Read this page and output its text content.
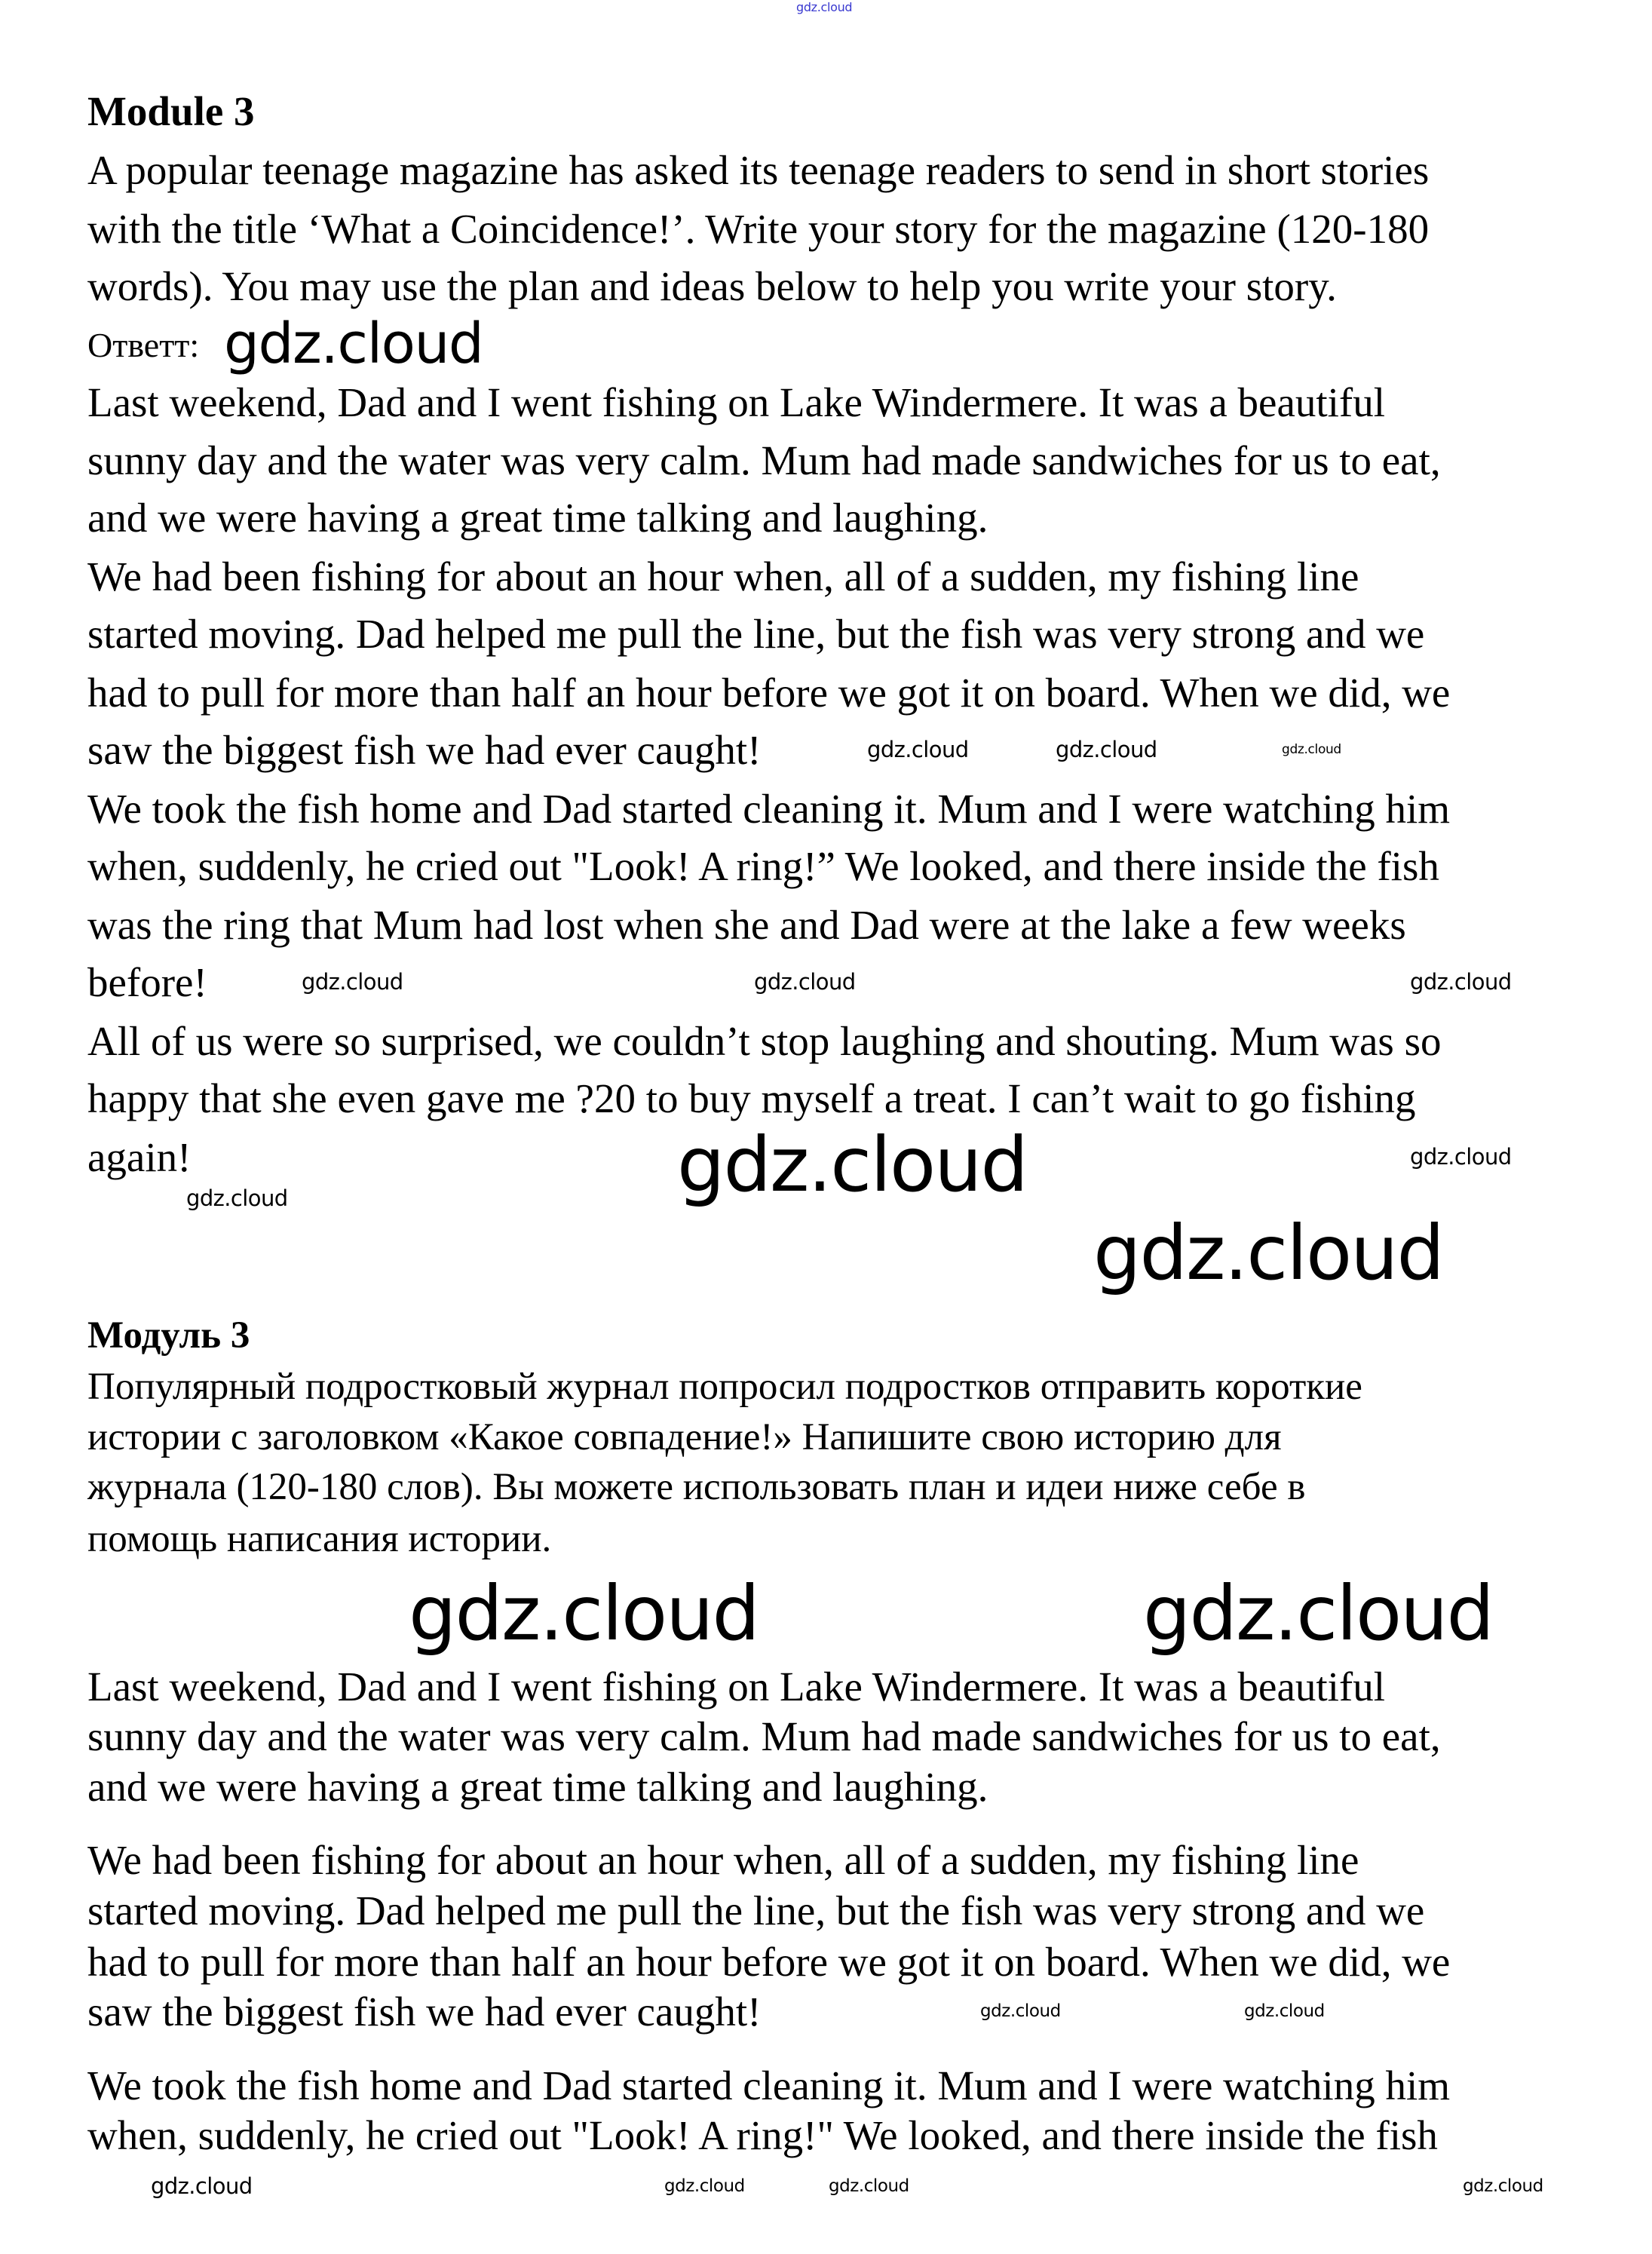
gdz.cloud
Module 3
A popular teenage magazine has asked its teenage readers to send in short stories
with the title ‘What a Coincidence!’. Write your story for the magazine (120-180
words). You may use the plan and ideas below to help you write your story.
Ответт:
Last weekend, Dad and I went fishing on Lake Windermere. It was a beautiful
sunny day and the water was very calm. Mum had made sandwiches for us to eat,
and we were having a great time talking and laughing.
We had been fishing for about an hour when, all of a sudden, my fishing line
started moving. Dad helped me pull the line, but the fish was very strong and we
had to pull for more than half an hour before we got it on board. When we did, we
saw the biggest fish we had ever caught!
We took the fish home and Dad started cleaning it. Mum and I were watching him
when, suddenly, he cried out "Look! A ring!” We looked, and there inside the fish
was the ring that Mum had lost when she and Dad were at the lake a few weeks
before!
All of us were so surprised, we couldn’t stop laughing and shouting. Mum was so
happy that she even gave me ?20 to buy myself a treat. I can’t wait to go fishing
again!
Модуль 3
Популярный подростковый журнал попросил подростков отправить короткие
истории с заголовком «Какое совпадение!» Напишите свою историю для
журнала (120-180 слов). Вы можете использовать план и идеи ниже себе в
помощь написания истории.
Last weekend, Dad and I went fishing on Lake Windermere. It was a beautiful
sunny day and the water was very calm. Mum had made sandwiches for us to eat,
and we were having a great time talking and laughing.
We had been fishing for about an hour when, all of a sudden, my fishing line
started moving. Dad helped me pull the line, but the fish was very strong and we
had to pull for more than half an hour before we got it on board. When we did, we
saw the biggest fish we had ever caught!
We took the fish home and Dad started cleaning it. Mum and I were watching him
when, suddenly, he cried out "Look! A ring!" We looked, and there inside the fish
gdz.cloud
gdz.cloud
gdz.cloud
gdz.cloud	gdz.cloud
gdz.cloud	gdz.cloud	gdz.cloud
gdz.cloud	gdz.cloud
gdz.cloud
gdz.cloud
gdz.cloud
gdz.cloud	gdz.cloud
gdz.cloud	gdz.cloud	gdz.cloud	gdz.cloud
